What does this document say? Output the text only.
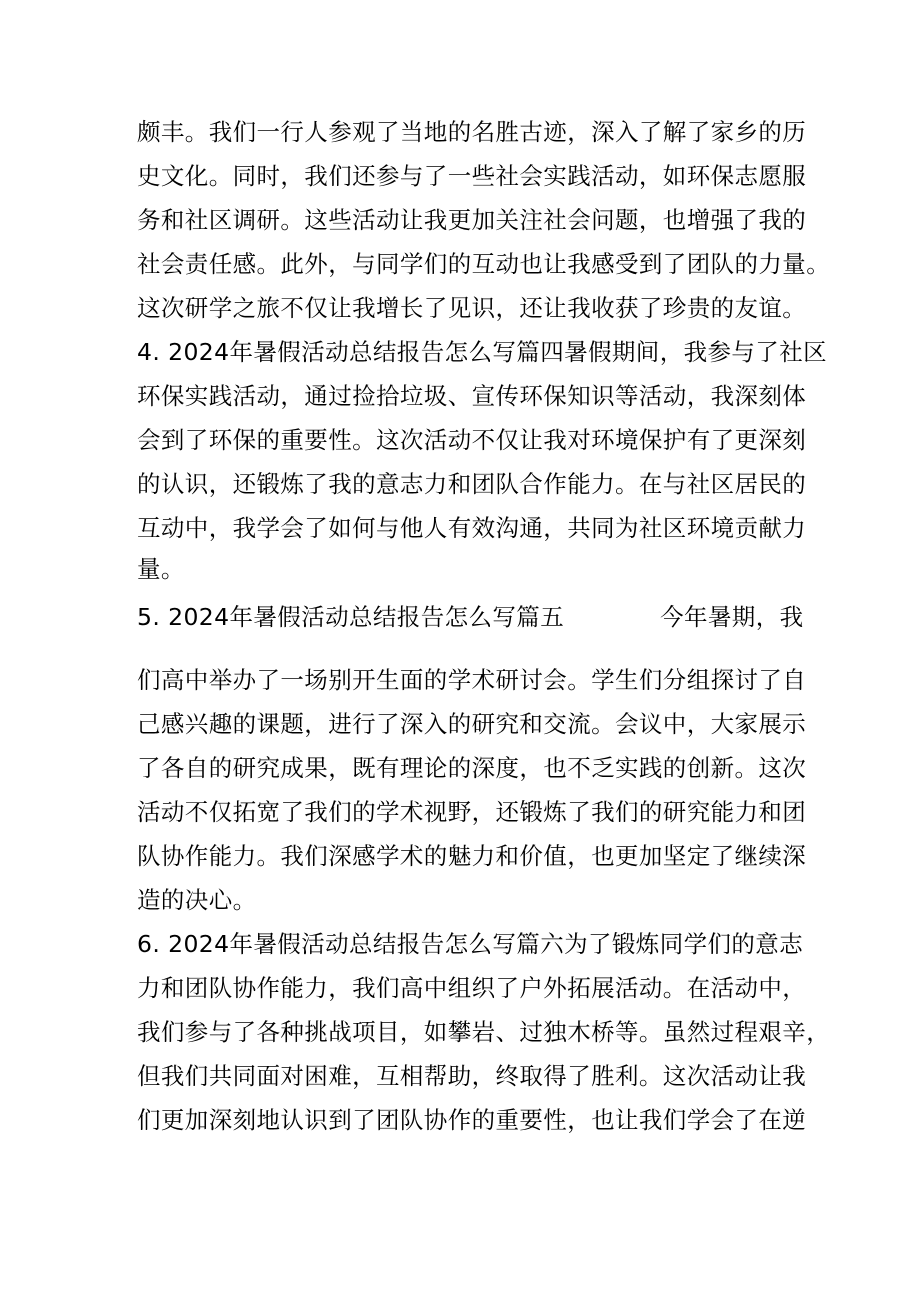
颇丰。我们一行人参观了当地的名胜古迹，深入了解了家乡的历

史文化。同时，我们还参与了一些社会实践活动，如环保志愿服

务和社区调研。这些活动让我更加关注社会问题，也增强了我的

社会责任感。此外，与同学们的互动也让我感受到了团队的力量。

这次研学之旅不仅让我增长了见识，还让我收获了珍贵的友谊。

4. 2024年暑假活动总结报告怎么写篇四暑假期间，我参与了社区

环保实践活动，通过捡拾垃圾、宣传环保知识等活动，我深刻体

会到了环保的重要性。这次活动不仅让我对环境保护有了更深刻

的认识，还锻炼了我的意志力和团队合作能力。在与社区居民的

互动中，我学会了如何与他人有效沟通，共同为社区环境贡献力

量。

5. 2024年暑假活动总结报告怎么写篇五	今年暑期，我

们高中举办了一场别开生面的学术研讨会。学生们分组探讨了自

己感兴趣的课题，进行了深入的研究和交流。会议中，大家展示

了各自的研究成果，既有理论的深度，也不乏实践的创新。这次

活动不仅拓宽了我们的学术视野，还锻炼了我们的研究能力和团

队协作能力。我们深感学术的魅力和价值，也更加坚定了继续深

造的决心。

6. 2024年暑假活动总结报告怎么写篇六为了锻炼同学们的意志

力和团队协作能力，我们高中组织了户外拓展活动。在活动中，

我们参与了各种挑战项目，如攀岩、过独木桥等。虽然过程艰辛，

但我们共同面对困难，互相帮助，终取得了胜利。这次活动让我

们更加深刻地认识到了团队协作的重要性，也让我们学会了在逆
